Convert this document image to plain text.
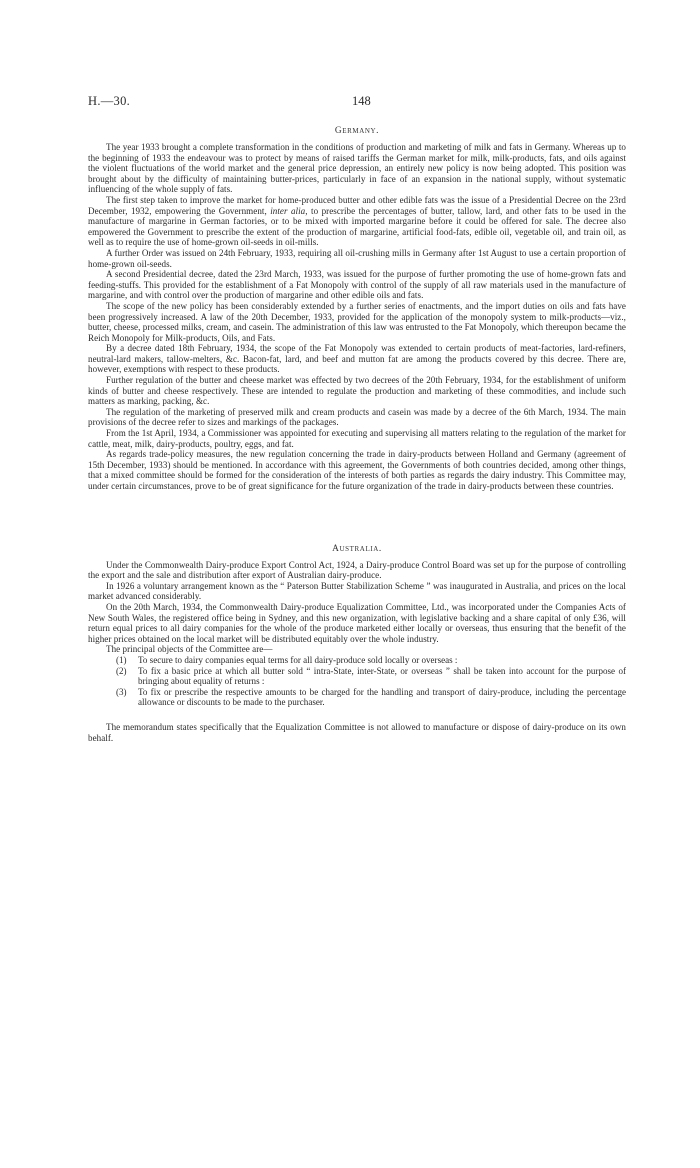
H.—30.	148
Germany.

The year 1933 brought a complete transformation in the conditions of production and marketing of milk and fats in Germany. Whereas up to the beginning of 1933 the endeavour was to protect by means of raised tariffs the German market for milk, milk-products, fats, and oils against the violent fluctuations of the world market and the general price depression, an entirely new policy is now being adopted. This position was brought about by the difficulty of maintaining butter-prices, particularly in face of an expansion in the national supply, without systematic influencing of the whole supply of fats.

The first step taken to improve the market for home-produced butter and other edible fats was the issue of a Presidential Decree on the 23rd December, 1932, empowering the Government, inter alia, to prescribe the percentages of butter, tallow, lard, and other fats to be used in the manufacture of margarine in German factories, or to be mixed with imported margarine before it could be offered for sale. The decree also empowered the Government to prescribe the extent of the production of margarine, artificial food-fats, edible oil, vegetable oil, and train oil, as well as to require the use of home-grown oil-seeds in oil-mills.

A further Order was issued on 24th February, 1933, requiring all oil-crushing mills in Germany after 1st August to use a certain proportion of home-grown oil-seeds.

A second Presidential decree, dated the 23rd March, 1933, was issued for the purpose of further promoting the use of home-grown fats and feeding-stuffs. This provided for the establishment of a Fat Monopoly with control of the supply of all raw materials used in the manufacture of margarine, and with control over the production of margarine and other edible oils and fats.

The scope of the new policy has been considerably extended by a further series of enactments, and the import duties on oils and fats have been progressively increased. A law of the 20th December, 1933, provided for the application of the monopoly system to milk-products—viz., butter, cheese, processed milks, cream, and casein. The administration of this law was entrusted to the Fat Monopoly, which thereupon became the Reich Monopoly for Milk-products, Oils, and Fats.

By a decree dated 18th February, 1934, the scope of the Fat Monopoly was extended to certain products of meat-factories, lard-refiners, neutral-lard makers, tallow-melters, &c. Bacon-fat, lard, and beef and mutton fat are among the products covered by this decree. There are, however, exemptions with respect to these products.

Further regulation of the butter and cheese market was effected by two decrees of the 20th February, 1934, for the establishment of uniform kinds of butter and cheese respectively. These are intended to regulate the production and marketing of these commodities, and include such matters as marking, packing, &c.

The regulation of the marketing of preserved milk and cream products and casein was made by a decree of the 6th March, 1934. The main provisions of the decree refer to sizes and markings of the packages.

From the 1st April, 1934, a Commissioner was appointed for executing and supervising all matters relating to the regulation of the market for cattle, meat, milk, dairy-products, poultry, eggs, and fat.

As regards trade-policy measures, the new regulation concerning the trade in dairy-products between Holland and Germany (agreement of 15th December, 1933) should be mentioned. In accordance with this agreement, the Governments of both countries decided, among other things, that a mixed committee should be formed for the consideration of the interests of both parties as regards the dairy industry. This Committee may, under certain circumstances, prove to be of great significance for the future organization of the trade in dairy-products between these countries.

Australia.

Under the Commonwealth Dairy-produce Export Control Act, 1924, a Dairy-produce Control Board was set up for the purpose of controlling the export and the sale and distribution after export of Australian dairy-produce.

In 1926 a voluntary arrangement known as the “ Paterson Butter Stabilization Scheme ” was inaugurated in Australia, and prices on the local market advanced considerably.

On the 20th March, 1934, the Commonwealth Dairy-produce Equalization Committee, Ltd., was incorporated under the Companies Acts of New South Wales, the registered office being in Sydney, and this new organization, with legislative backing and a share capital of only £36, will return equal prices to all dairy companies for the whole of the produce marketed either locally or overseas, thus ensuring that the benefit of the higher prices obtained on the local market will be distributed equitably over the whole industry.

The principal objects of the Committee are—

(1) To secure to dairy companies equal terms for all dairy-produce sold locally or overseas :
(2) To fix a basic price at which all butter sold “ intra-State, inter-State, or overseas ” shall be taken into account for the purpose of bringing about equality of returns :
(3) To fix or prescribe the respective amounts to be charged for the handling and transport of dairy-produce, including the percentage allowance or discounts to be made to the purchaser.

The memorandum states specifically that the Equalization Committee is not allowed to manufacture or dispose of dairy-produce on its own behalf.
